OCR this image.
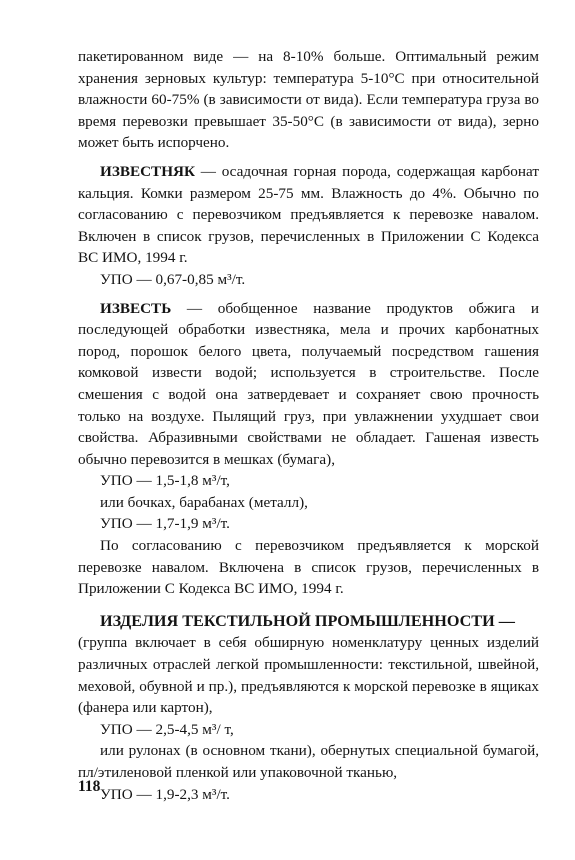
пакетированном виде — на 8-10% больше. Оптимальный режим хранения зерновых культур: температура 5-10°С при относительной влажности 60-75% (в зависимости от вида). Если температура груза во время перевозки превышает 35-50°С (в зависимости от вида), зерно может быть испорчено.

ИЗВЕСТНЯК — осадочная горная порода, содержащая карбонат кальция. Комки размером 25-75 мм. Влажность до 4%. Обычно по согласованию с перевозчиком предъявляется к перевозке навалом. Включен в список грузов, перечисленных в Приложении С Кодекса ВС ИМО, 1994 г.

УПО — 0,67-0,85 м³/т.

ИЗВЕСТЬ — обобщенное название продуктов обжига и последующей обработки известняка, мела и прочих карбонатных пород, порошок белого цвета, получаемый посредством гашения комковой извести водой; используется в строительстве. После смешения с водой она затвердевает и сохраняет свою прочность только на воздухе. Пылящий груз, при увлажнении ухудшает свои свойства. Абразивными свойствами не обладает. Гашеная известь обычно перевозится в мешках (бумага),

УПО — 1,5-1,8 м³/т,

или бочках, барабанах (металл),

УПО — 1,7-1,9 м³/т.

По согласованию с перевозчиком предъявляется к морской перевозке навалом. Включена в список грузов, перечисленных в Приложении С Кодекса ВС ИМО, 1994 г.

ИЗДЕЛИЯ ТЕКСТИЛЬНОЙ ПРОМЫШЛЕННОСТИ —

(группа включает в себя обширную номенклатуру ценных изделий различных отраслей легкой промышленности: текстильной, швейной, меховой, обувной и пр.), предъявляются к морской перевозке в ящиках (фанера или картон),

УПО — 2,5-4,5 м³/ т,

или рулонах (в основном ткани), обернутых специальной бумагой, пл/этиленовой пленкой или упаковочной тканью,

УПО — 1,9-2,3 м³/т.

118
